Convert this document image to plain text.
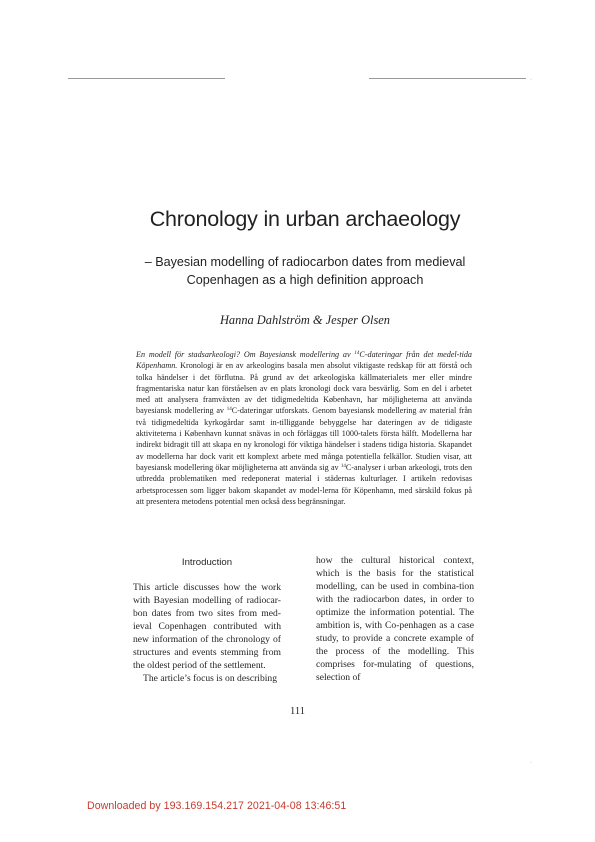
·
·
Chronology in urban archaeology
– Bayesian modelling of radiocarbon dates from medieval
Copenhagen as a high definition approach
Hanna Dahlström & Jesper Olsen

En modell för stadsarkeologi? Om Bayesiansk modellering av $^{14}$C-dateringar från det medel-tida Köpenhamn. Kronologi är en av arkeologins basala men absolut viktigaste redskap för att förstå och tolka händelser i det förflutna. På grund av det arkeologiska källmaterialets mer eller mindre fragmentariska natur kan förståelsen av en plats kronologi dock vara besvärlig. Som en del i arbetet med att analysera framväxten av det tidigmedeltida København, har möjligheterna att använda bayesiansk modellering av $^{14}$C-dateringar utforskats. Genom bayesiansk modellering av material från två tidigmedeltida kyrkogårdar samt in-tilliggande bebyggelse har dateringen av de tidigaste aktiviteterna i København kunnat snävas in och förläggas till 1000-talets första hälft. Modellerna har indirekt bidragit till att skapa en ny kronologi för viktiga händelser i stadens tidiga historia. Skapandet av modellerna har dock varit ett komplext arbete med många potentiella felkällor. Studien visar, att bayesiansk modellering ökar möjligheterna att använda sig av $^{14}$C-analyser i urban arkeologi, trots den utbredda problematiken med redeponerat material i städernas kulturlager. I artikeln redovisas arbetsprocessen som ligger bakom skapandet av model-lerna för Köpenhamn, med särskild fokus på att presentera metodens potential men också dess begränsningar.

Introduction

This article discusses how the work with Bayesian modelling of radiocar-bon dates from two sites from med-ieval Copenhagen contributed with new information of the chronology of structures and events stemming from the oldest period of the settlement.

The article’s focus is on describing

how the cultural historical context, which is the basis for the statistical modelling, can be used in combina-tion with the radiocarbon dates, in order to optimize the information potential. The ambition is, with Co-penhagen as a case study, to provide a concrete example of the process of the modelling. This comprises for-mulating of questions, selection of

111
Downloaded by 193.169.154.217 2021-04-08 13:46:51
